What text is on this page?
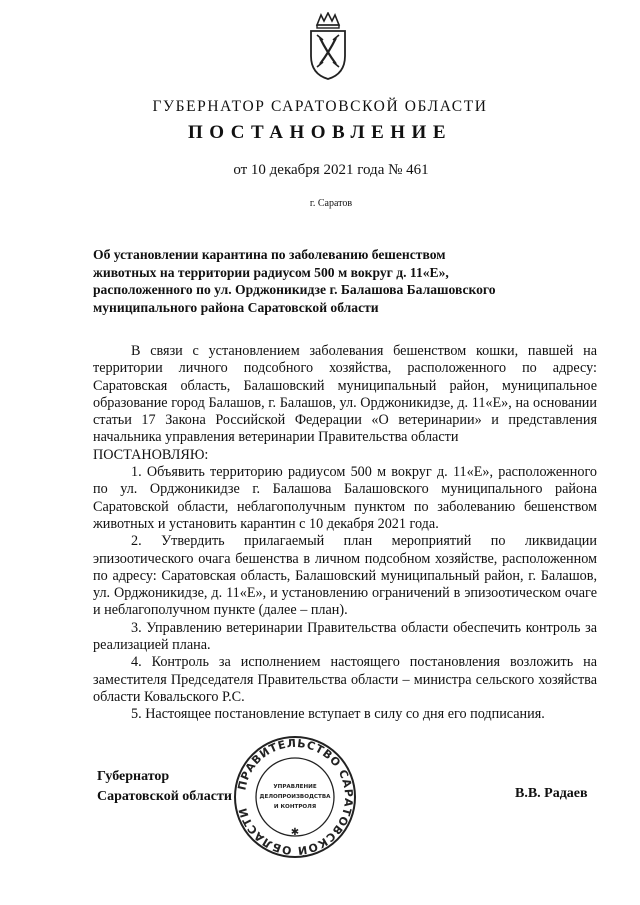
ГУБЕРНАТОР САРАТОВСКОЙ ОБЛАСТИ
ПОСТАНОВЛЕНИЕ
от 10 декабря 2021 года № 461
г. Саратов
Об установлении карантина по заболеванию бешенством
животных на территории радиусом 500 м вокруг д. 11«Е»,
расположенного по ул. Орджоникидзе г. Балашова Балашовского
муниципального района Саратовской области

В связи с установлением заболевания бешенством кошки, павшей на территории личного подсобного хозяйства, расположенного по адресу: Саратовская область, Балашовский муниципальный район, муниципальное образование город Балашов, г. Балашов, ул. Орджоникидзе, д. 11«Е», на основании статьи 17 Закона Российской Федерации «О ветеринарии» и представления начальника управления ветеринарии Правительства области

ПОСТАНОВЛЯЮ:

1. Объявить территорию радиусом 500 м вокруг д. 11«Е», расположенного по ул. Орджоникидзе г. Балашова Балашовского муниципального района Саратовской области, неблагополучным пунктом по заболеванию бешенством животных и установить карантин с 10 декабря 2021 года.

2. Утвердить прилагаемый план мероприятий по ликвидации эпизоотического очага бешенства в личном подсобном хозяйстве, расположенном по адресу: Саратовская область, Балашовский муниципальный район, г. Балашов, ул. Орджоникидзе, д. 11«Е», и установлению ограничений в эпизоотическом очаге и неблагополучном пункте (далее – план).

3. Управлению ветеринарии Правительства области обеспечить контроль за реализацией плана.

4. Контроль за исполнением настоящего постановления возложить на заместителя Председателя Правительства области – министра сельского хозяйства области Ковальского Р.С.

5. Настоящее постановление вступает в силу со дня его подписания.

Губернатор
Саратовской области	В.В. Радаев
ПРАВИТЕЛЬСТВО САРАТОВСКОЙ ОБЛАСТИ
УПРАВЛЕНИЕ
ДЕЛОПРОИЗВОДСТВА
И КОНТРОЛЯ
✱
